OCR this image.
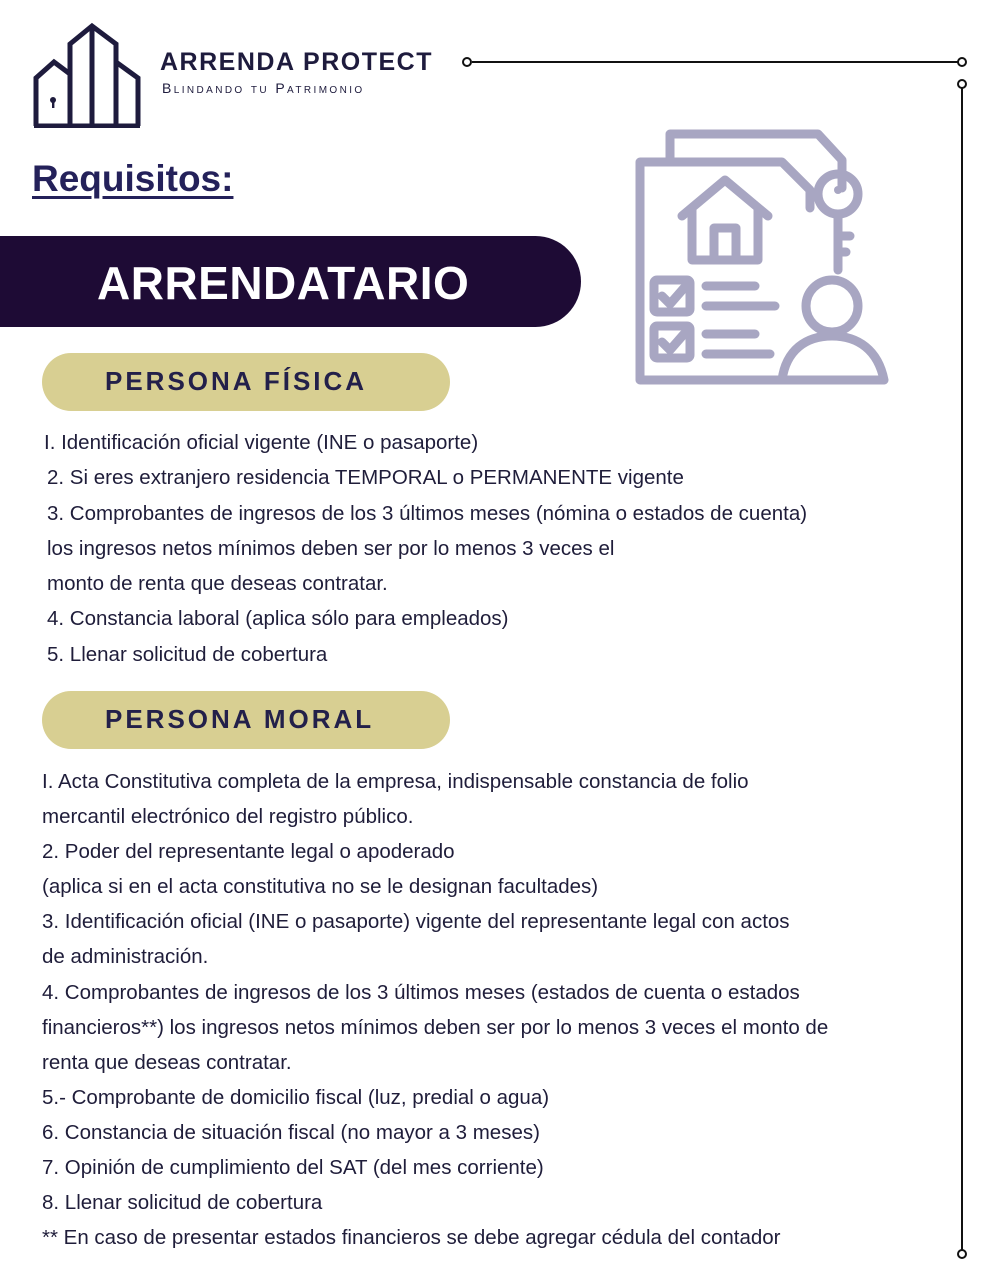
ARRENDA PROTECT
Blindando tu Patrimonio
Requisitos:
ARRENDATARIO
PERSONA FÍSICA
I. Identificación oficial vigente (INE o pasaporte)
2. Si eres extranjero residencia TEMPORAL o PERMANENTE vigente
3. Comprobantes de ingresos de los 3 últimos meses (nómina o estados de cuenta)
los ingresos netos mínimos deben ser por lo menos 3 veces el
monto de renta que deseas contratar.
4. Constancia laboral (aplica sólo para empleados)
5. Llenar solicitud de cobertura
PERSONA MORAL
I. Acta Constitutiva completa de la empresa, indispensable constancia de folio
mercantil electrónico del registro público.
2. Poder del representante legal o apoderado
(aplica si en el acta constitutiva no se le designan facultades)
3. Identificación oficial (INE o pasaporte) vigente del representante legal con actos
de administración.
4. Comprobantes de ingresos de los 3 últimos meses (estados de cuenta o estados
financieros**) los ingresos netos mínimos deben ser por lo menos 3 veces el monto de
renta que deseas contratar.
5.- Comprobante de domicilio fiscal (luz, predial o agua)
6. Constancia de situación fiscal (no mayor a 3 meses)
7. Opinión de cumplimiento del SAT (del mes corriente)
8. Llenar solicitud de cobertura
** En caso de presentar estados financieros se debe agregar cédula del contador
